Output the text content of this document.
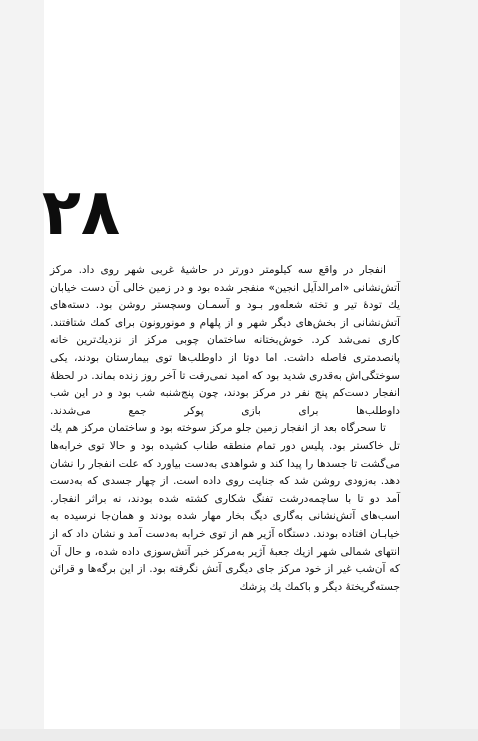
۲۸

انفجار در واقع سه کیلومتر دورتر در حاشیهٔ غربی شهر روی داد. مرکز آتش‌نشانی «امرالدآیل انجین» منفجر شده بود و در زمین خالی آن دست خیابان یك تودهٔ تیر و تخته شعله‌ور بـود و آسمـان وسچستر روشن بود. دسته‌های آتش‌نشانی از بخش‌های دیگر شهر و از پلهام و مونورونون برای کمك شتافتند. کاری نمی‌شد کرد. خوش‌بختانه ساختمان چوبی مرکز از نزدیك‌ترین خانه پانصدمتری فاصله داشت. اما دوتا از داوطلب‌ها توی بیمارستان بودند، یکی سوختگی‌اش به‌قدری شدید بود که امید نمی‌رفت تا آخر روز زنده بماند. در لحظهٔ انفجار دست‌کم پنج نفر در مرکز بودند، چون پنج‌شنبه شب بود و در این شب داوطلب‌ها برای بازی پوکر جمع می‌شدند.

تا سحرگاه بعد از انفجار زمین جلو مرکز سوخته بود و ساختمان مرکز هم یك تل خاکستر بود. پلیس دور تمام منطقه طناب کشیده بود و حالا توی خرابه‌ها می‌گشت تا جسدها را پیدا کند و شواهدی به‌دست بیاورد که علت انفجار را نشان دهد. به‌زودی روشن شد که جنایت روی داده است. از چهار جسدی که به‌دست آمد دو تا با ساچمه‌درشت تفنگ شکاری کشته شده بودند، نه براثر انفجار. اسب‌های آتش‌نشانی به‌گاری دیگ بخار مهار شده بودند و همان‌جا نرسیده به خیابـان افتاده بودند. دستگاه آژیر هم از توی خرابه به‌دست آمد و نشان داد که از انتهای شمالی شهر ازیك جعبهٔ آژیر به‌مرکز خبر آتش‌سوزی داده شده، و حال آن که آن‌شب غیر از خود مرکز جای دیگری آتش نگرفته بود. از این برگه‌ها و قرائن جسته‌گریختهٔ دیگر و باکمك یك پزشك
